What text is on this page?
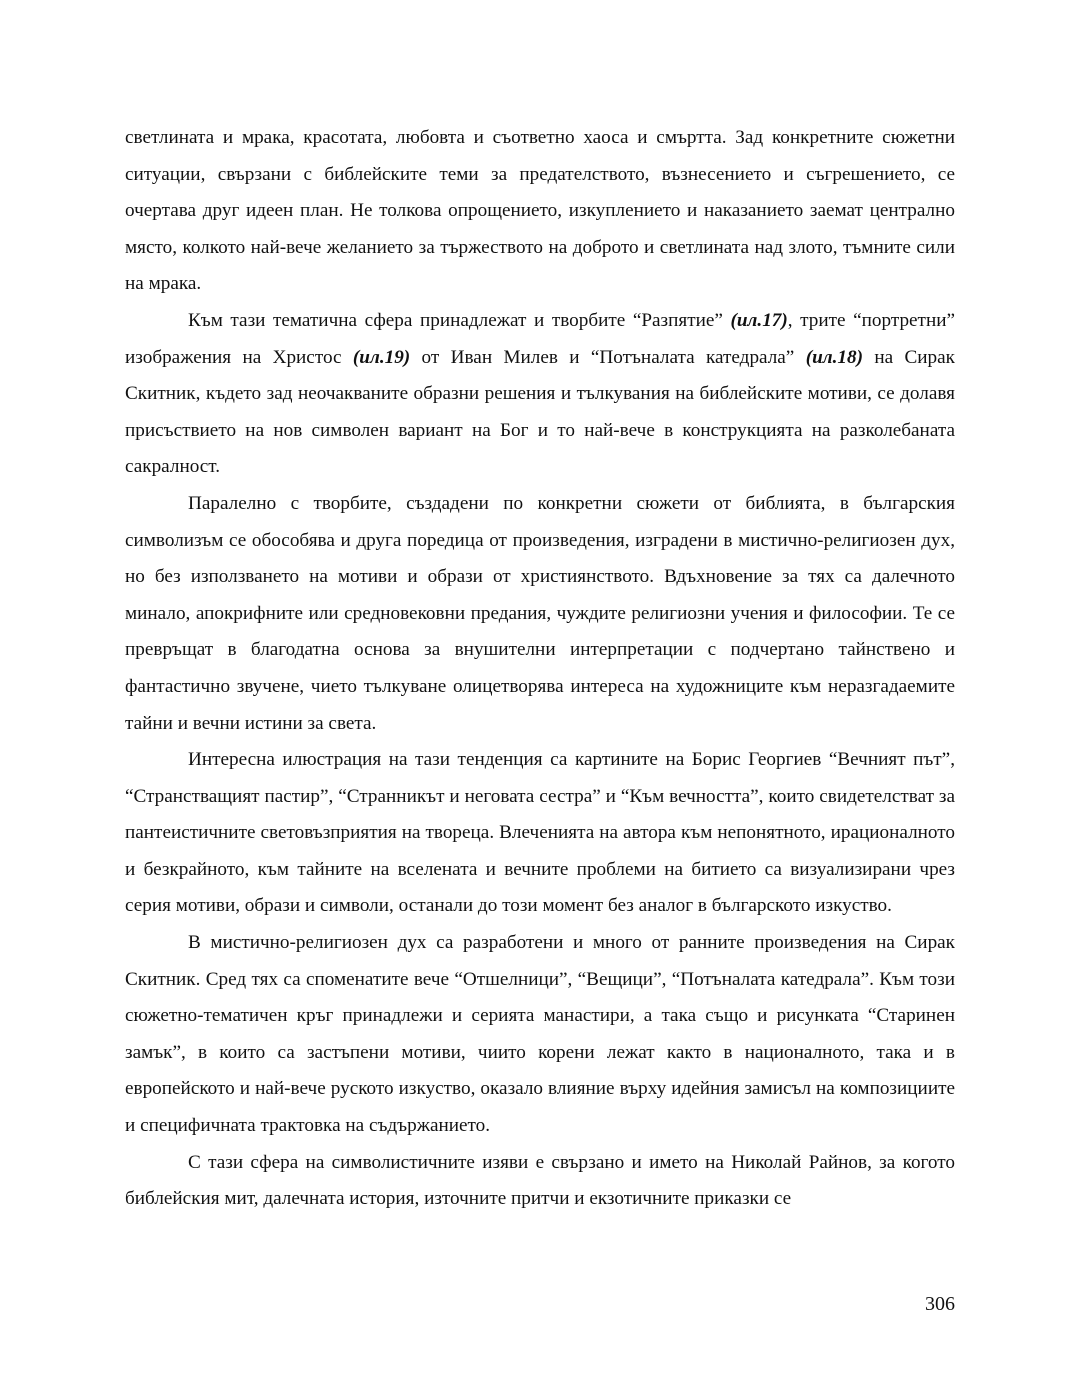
светлината и мрака, красотата, любовта и съответно хаоса и смъртта. Зад конкретните сюжетни ситуации, свързани с библейските теми за предателството, възнесението и съгрешението, се очертава друг идеен план. Не толкова опрощението, изкуплението и наказанието заемат централно място, колкото най-вече желанието за тържеството на доброто и светлината над злото, тъмните сили на мрака.

Към тази тематична сфера принадлежат и творбите “Разпятие” (ил.17), трите “портретни” изображения на Христос (ил.19) от Иван Милев и “Потъналата катедрала” (ил.18) на Сирак Скитник, където зад неочакваните образни решения и тълкувания на библейските мотиви, се долавя присъствието на нов символен вариант на Бог и то най-вече в конструкцията на разколебаната сакралност.

Паралелно с творбите, създадени по конкретни сюжети от библията, в българския символизъм се обособява и друга поредица от произведения, изградени в мистично-религиозен дух, но без използването на мотиви и образи от християнството. Вдъхновение за тях са далечното минало, апокрифните или средновековни предания, чуждите религиозни учения и философии. Те се превръщат в благодатна основа за внушителни интерпретации с подчертано тайнствено и фантастично звучене, чието тълкуване олицетворява интереса на художниците към неразгадаемите тайни и вечни истини за света.

Интересна илюстрация на тази тенденция са картините на Борис Георгиев “Вечният път”, “Странстващият пастир”, “Странникът и неговата сестра” и “Към вечността”, които свидетелстват за пантеистичните световъзприятия на твореца. Влеченията на автора към непонятното, ирационалното и безкрайното, към тайните на вселената и вечните проблеми на битието са визуализирани чрез серия мотиви, образи и символи, останали до този момент без аналог в българското изкуство.

В мистично-религиозен дух са разработени и много от ранните произведения на Сирак Скитник. Сред тях са споменатите вече “Отшелници”, “Вещици”, “Потъналата катедрала”. Към този сюжетно-тематичен кръг принадлежи и серията манастири, а така също и рисунката “Старинен замък”, в които са застъпени мотиви, чиито корени лежат както в националното, така и в европейското и най-вече руското изкуство, оказало влияние върху идейния замисъл на композициите и специфичната трактовка на съдържанието.

С тази сфера на символистичните изяви е свързано и името на Николай Райнов, за когото библейския мит, далечната история, източните притчи и екзотичните приказки се

306
